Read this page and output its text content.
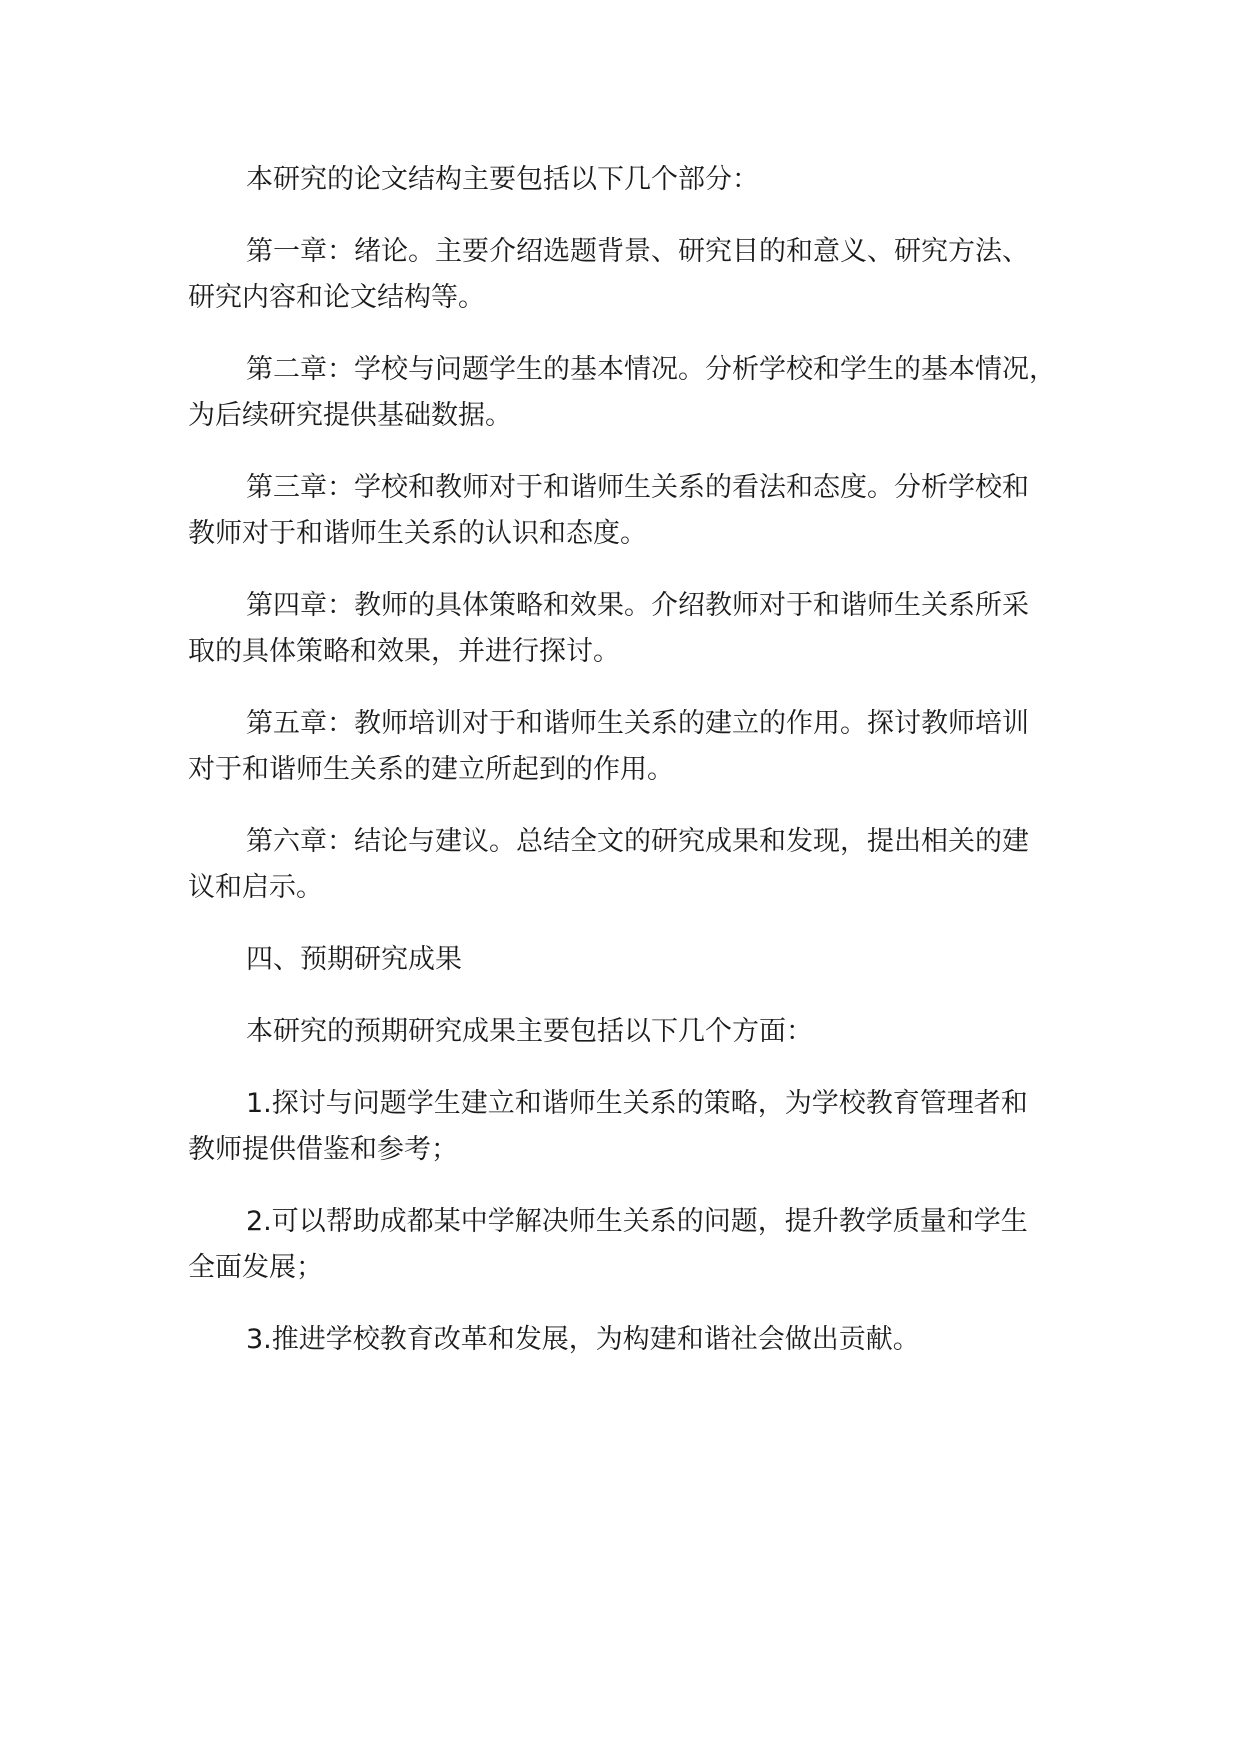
本研究的论文结构主要包括以下几个部分：

第一章：绪论。主要介绍选题背景、研究目的和意义、研究方法、
研究内容和论文结构等。

第二章：学校与问题学生的基本情况。分析学校和学生的基本情况，
为后续研究提供基础数据。

第三章：学校和教师对于和谐师生关系的看法和态度。分析学校和
教师对于和谐师生关系的认识和态度。

第四章：教师的具体策略和效果。介绍教师对于和谐师生关系所采
取的具体策略和效果，并进行探讨。

第五章：教师培训对于和谐师生关系的建立的作用。探讨教师培训
对于和谐师生关系的建立所起到的作用。

第六章：结论与建议。总结全文的研究成果和发现，提出相关的建
议和启示。

四、预期研究成果

本研究的预期研究成果主要包括以下几个方面：

1.探讨与问题学生建立和谐师生关系的策略，为学校教育管理者和
教师提供借鉴和参考；

2.可以帮助成都某中学解决师生关系的问题，提升教学质量和学生
全面发展；

3.推进学校教育改革和发展，为构建和谐社会做出贡献。
